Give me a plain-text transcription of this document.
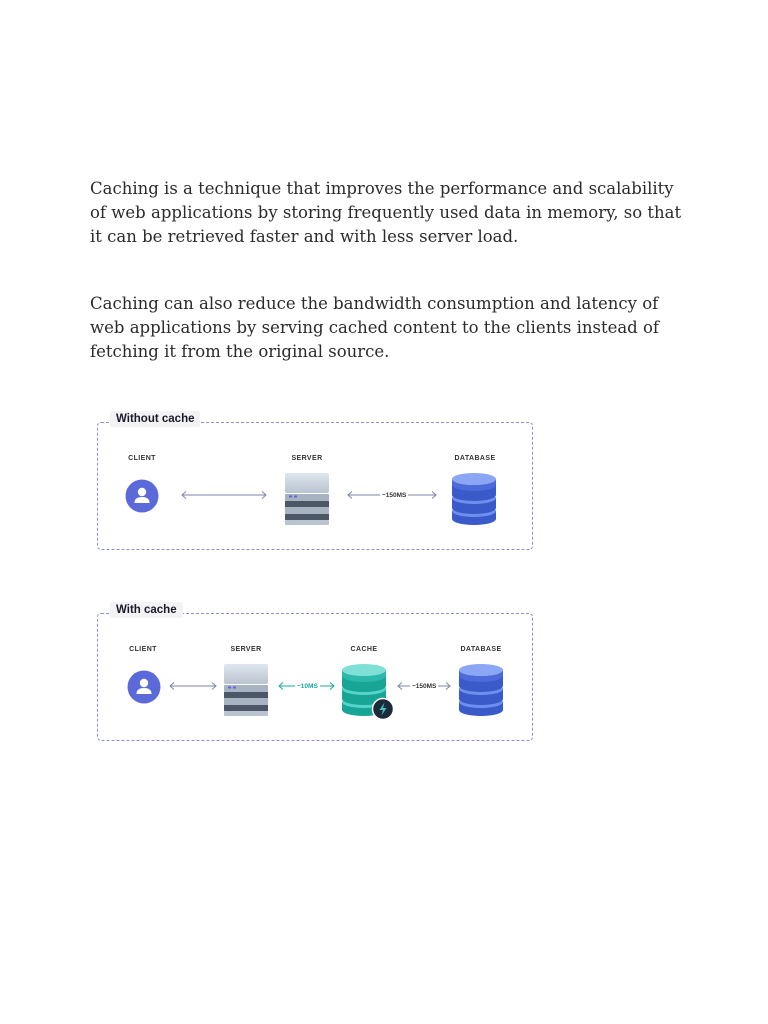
Caching is a technique that improves the performance and scalability of web applications by storing frequently used data in memory, so that it can be retrieved faster and with less server load.

Caching can also reduce the bandwidth consumption and latency of web applications by serving cached content to the clients instead of fetching it from the original source.

Without cache
CLIENT	SERVER	DATABASE
~150MS
With cache
CLIENT	SERVER	CACHE	DATABASE
~10MS	~150MS
